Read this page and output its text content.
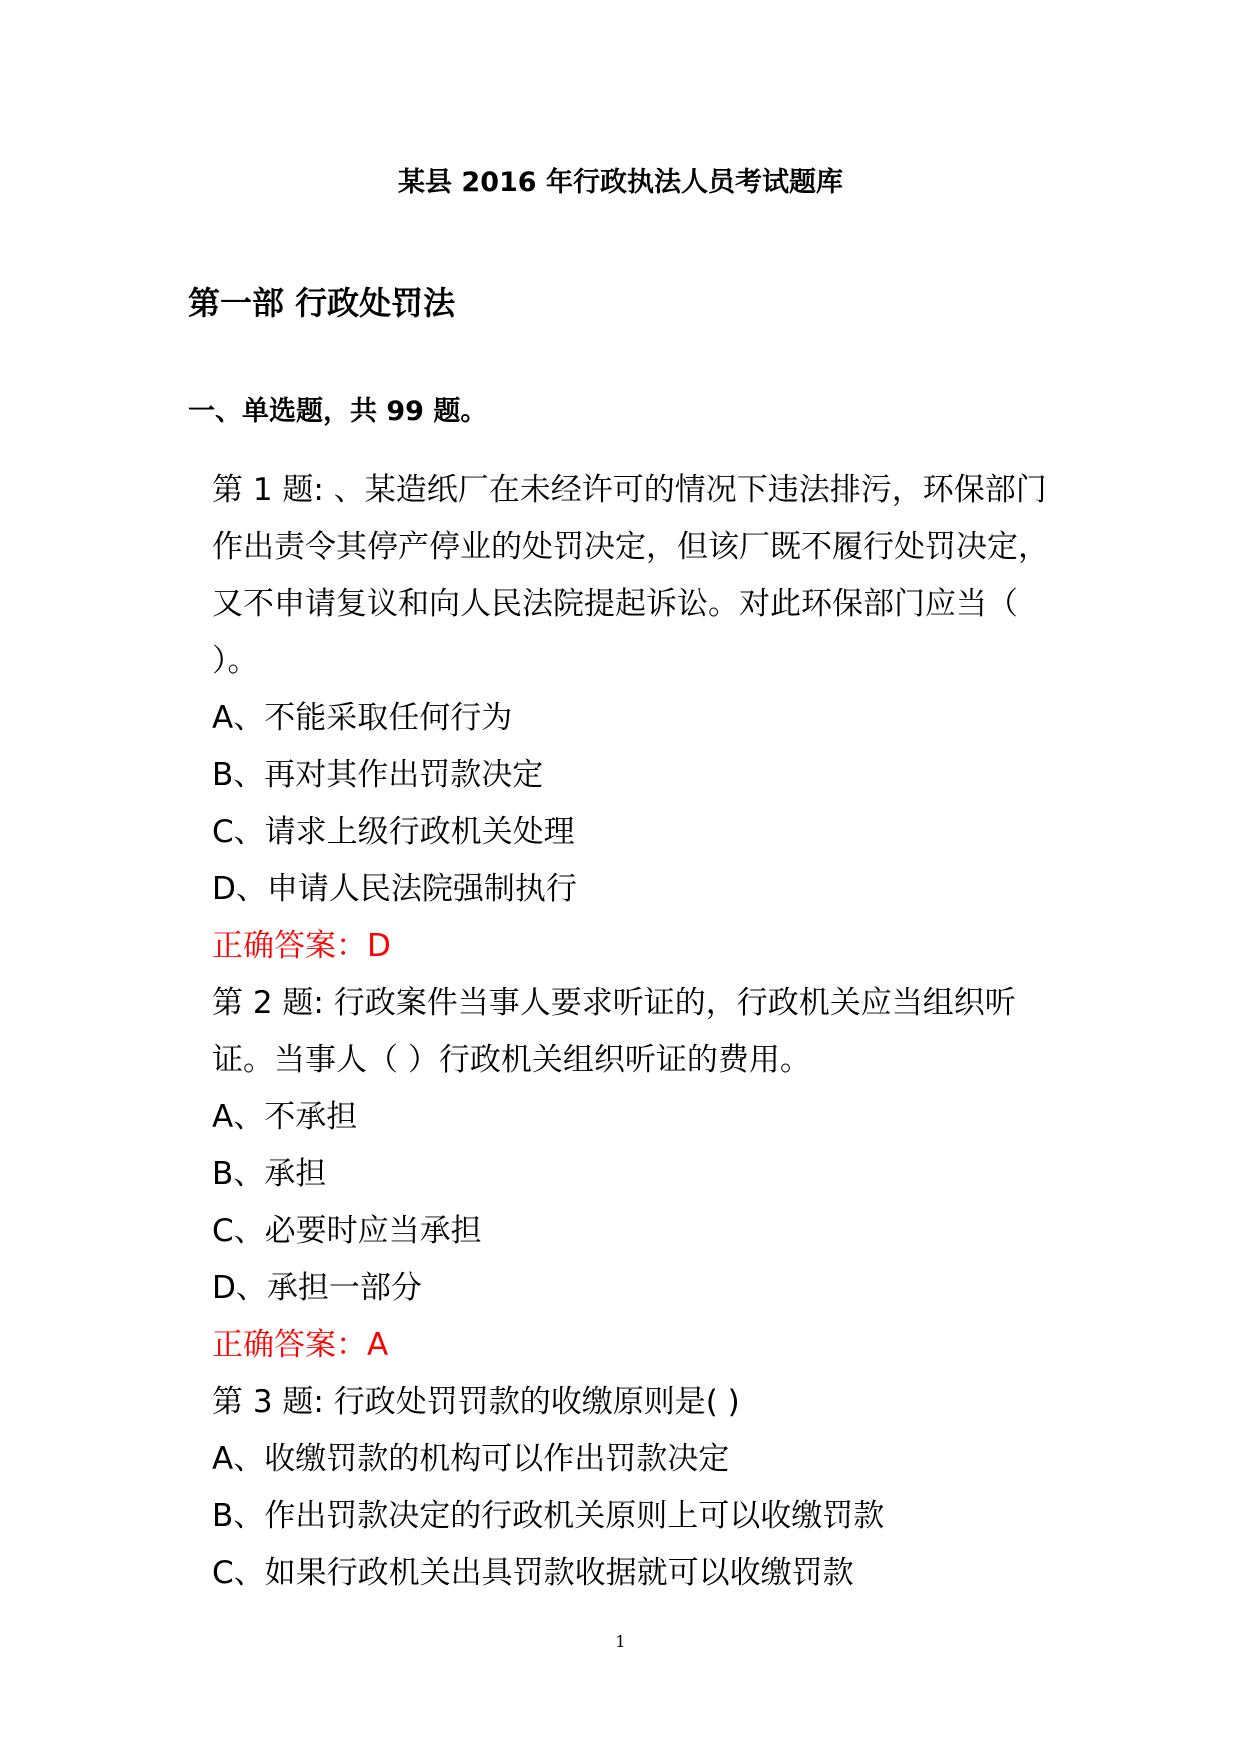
某县 2016 年行政执法人员考试题库
第一部 行政处罚法
一、单选题，共 99 题。

第 1 题: 、某造纸厂在未经许可的情况下违法排污，环保部门作出责令其停产停业的处罚决定，但该厂既不履行处罚决定，又不申请复议和向人民法院提起诉讼。对此环保部门应当（ ）。

A、不能采取任何行为

B、再对其作出罚款决定

C、请求上级行政机关处理

D、申请人民法院强制执行

正确答案：D

第 2 题: 行政案件当事人要求听证的，行政机关应当组织听证。当事人（ ）行政机关组织听证的费用。

A、不承担

B、承担

C、必要时应当承担

D、承担一部分

正确答案：A

第 3 题: 行政处罚罚款的收缴原则是( )

A、收缴罚款的机构可以作出罚款决定

B、作出罚款决定的行政机关原则上可以收缴罚款

C、如果行政机关出具罚款收据就可以收缴罚款

1
